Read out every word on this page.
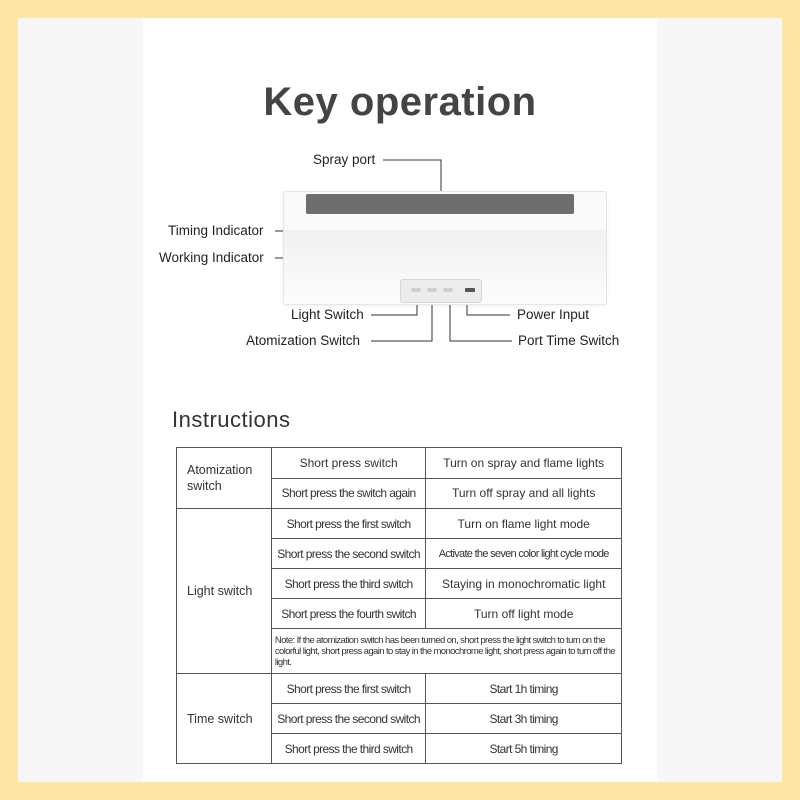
Key operation
Spray port
Timing Indicator
Working Indicator
Light Switch
Atomization Switch
Power Input
Port Time Switch
Instructions
Atomization switch	Short press switch	Turn on spray and flame lights
	Short press the switch again	Turn off spray and all lights
Light switch	Short press the first switch	Turn on flame light mode
	Short press the second switch	Activate the seven color light cycle mode
	Short press the third switch	Staying in monochromatic light
	Short press the fourth switch	Turn off light mode
	Note: If the atomization switch has been turned on, short press the light switch to turn on the colorful light, short press again to stay in the monochrome light, short press again to turn off the light.	
Time switch	Short press the first switch	Start 1h timing
	Short press the second switch	Start 3h timing
	Short press the third switch	Start 5h timing
